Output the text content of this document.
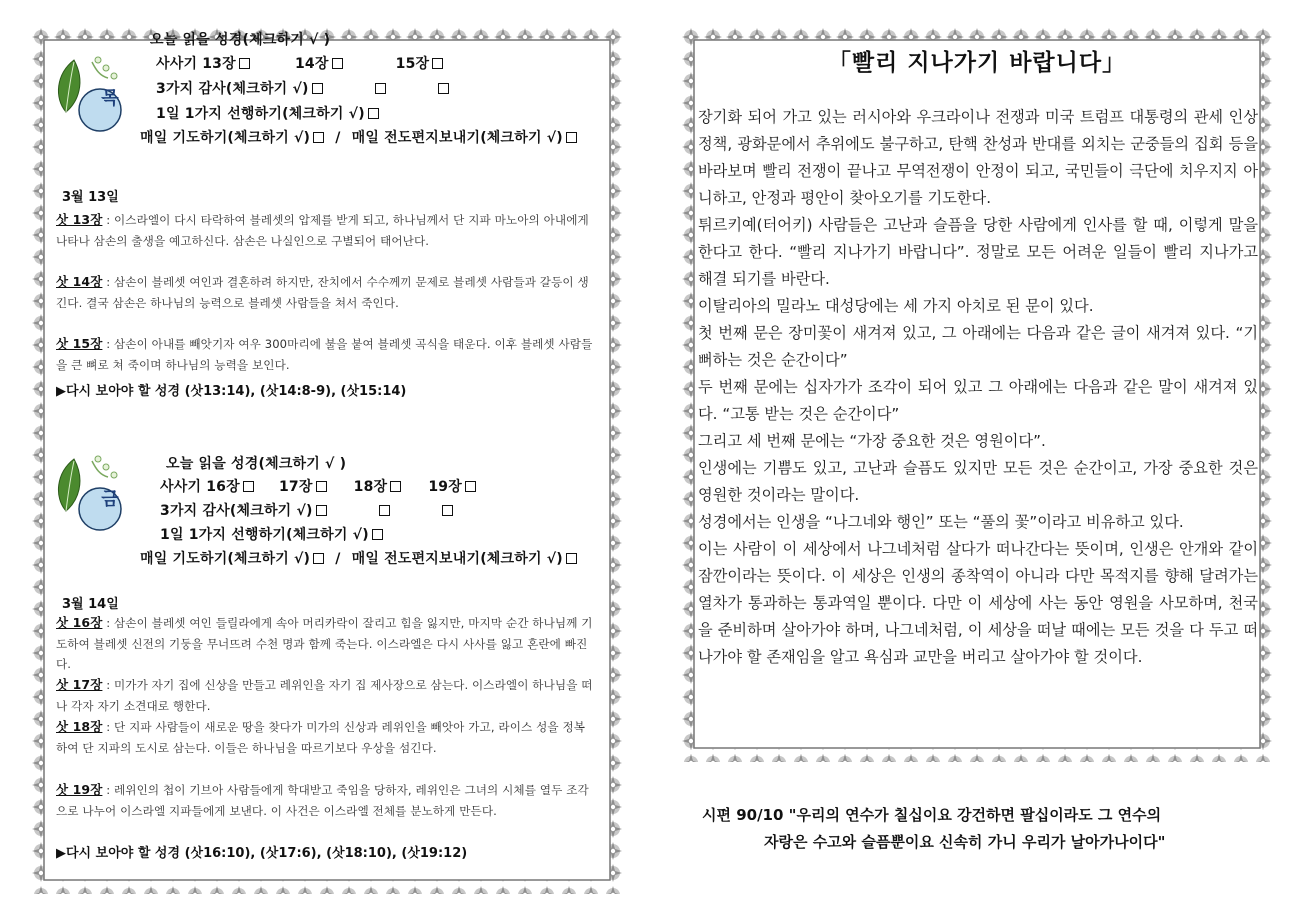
목
오늘 읽을 성경(체크하기 √ )
사사기 13장	14장	15장
3가지 감사(체크하기 √)
1일 1가지 선행하기(체크하기 √)
매일 기도하기(체크하기 √) / 매일 전도편지보내기(체크하기 √)
3월 13일
삿 13장 : 이스라엘이 다시 타락하여 블레셋의 압제를 받게 되고, 하나님께서 단 지파 마노아의 아내에게 나타나 삼손의 출생을 예고하신다. 삼손은 나실인으로 구별되어 태어난다.
삿 14장 : 삼손이 블레셋 여인과 결혼하려 하지만, 잔치에서 수수께끼 문제로 블레셋 사람들과 갈등이 생긴다. 결국 삼손은 하나님의 능력으로 블레셋 사람들을 쳐서 죽인다.
삿 15장 : 삼손이 아내를 빼앗기자 여우 300마리에 불을 붙여 블레셋 곡식을 태운다. 이후 블레셋 사람들을 큰 뼈로 쳐 죽이며 하나님의 능력을 보인다.
▶다시 보아야 할 성경 (삿13:14), (삿14:8-9), (삿15:14)
금
오늘 읽을 성경(체크하기 √ )
사사기 16장	17장	18장	19장
3가지 감사(체크하기 √)
1일 1가지 선행하기(체크하기 √)
매일 기도하기(체크하기 √) / 매일 전도편지보내기(체크하기 √)
3월 14일
삿 16장 : 삼손이 블레셋 여인 들릴라에게 속아 머리카락이 잘리고 힘을 잃지만, 마지막 순간 하나님께 기도하여 블레셋 신전의 기둥을 무너뜨려 수천 명과 함께 죽는다. 이스라엘은 다시 사사를 잃고 혼란에 빠진다.
삿 17장 : 미가가 자기 집에 신상을 만들고 레위인을 자기 집 제사장으로 삼는다. 이스라엘이 하나님을 떠나 각자 자기 소견대로 행한다.
삿 18장 : 단 지파 사람들이 새로운 땅을 찾다가 미가의 신상과 레위인을 빼앗아 가고, 라이스 성을 정복하여 단 지파의 도시로 삼는다. 이들은 하나님을 따르기보다 우상을 섬긴다.
삿 19장 : 레위인의 첩이 기브아 사람들에게 학대받고 죽임을 당하자, 레위인은 그녀의 시체를 열두 조각으로 나누어 이스라엘 지파들에게 보낸다. 이 사건은 이스라엘 전체를 분노하게 만든다.
▶다시 보아야 할 성경 (삿16:10), (삿17:6), (삿18:10), (삿19:12)
「빨리 지나가기 바랍니다」

장기화 되어 가고 있는 러시아와 우크라이나 전쟁과 미국 트럼프 대통령의 관세 인상 정책, 광화문에서 추위에도 불구하고, 탄핵 찬성과 반대를 외치는 군중들의 집회 등을 바라보며 빨리 전쟁이 끝나고 무역전쟁이 안정이 되고, 국민들이 극단에 치우지지 아니하고, 안정과 평안이 찾아오기를 기도한다.

튀르키예(터어키) 사람들은 고난과 슬픔을 당한 사람에게 인사를 할 때, 이렇게 말을 한다고 한다. “빨리 지나가기 바랍니다”. 정말로 모든 어려운 일들이 빨리 지나가고 해결 되기를 바란다.

이탈리아의 밀라노 대성당에는 세 가지 아치로 된 문이 있다.

첫 번째 문은 장미꽃이 새겨져 있고, 그 아래에는 다음과 같은 글이 새겨져 있다. “기뻐하는 것은 순간이다”

두 번째 문에는 십자가가 조각이 되어 있고 그 아래에는 다음과 같은 말이 새겨져 있다. “고통 받는 것은 순간이다”

그리고 세 번째 문에는 “가장 중요한 것은 영원이다”.

인생에는 기쁨도 있고, 고난과 슬픔도 있지만 모든 것은 순간이고, 가장 중요한 것은 영원한 것이라는 말이다.

성경에서는 인생을 “나그네와 행인” 또는 “풀의 꽃”이라고 비유하고 있다.

이는 사람이 이 세상에서 나그네처럼 살다가 떠나간다는 뜻이며, 인생은 안개와 같이 잠깐이라는 뜻이다. 이 세상은 인생의 종착역이 아니라 다만 목적지를 향해 달려가는 열차가 통과하는 통과역일 뿐이다. 다만 이 세상에 사는 동안 영원을 사모하며, 천국을 준비하며 살아가야 하며, 나그네처럼, 이 세상을 떠날 때에는 모든 것을 다 두고 떠나가야 할 존재임을 알고 욕심과 교만을 버리고 살아가야 할 것이다.

시편 90/10 "우리의 연수가 칠십이요 강건하면 팔십이라도 그 연수의
자랑은 수고와 슬픔뿐이요 신속히 가니 우리가 날아가나이다"
